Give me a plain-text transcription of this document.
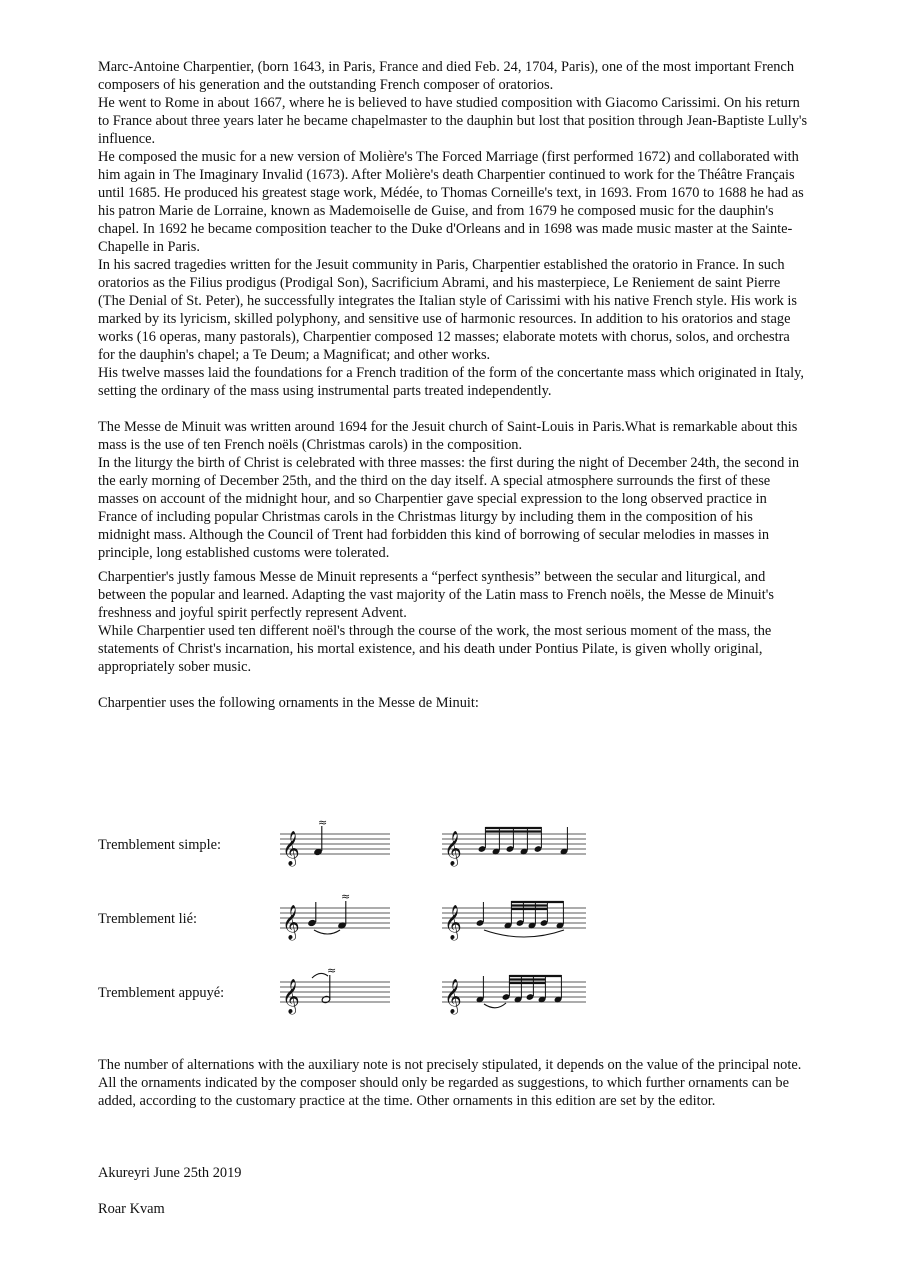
Marc-Antoine Charpentier, (born 1643, in Paris, France and died Feb. 24, 1704, Paris), one of the most important French composers of his generation and the outstanding French composer of oratorios.

He went to Rome in about 1667, where he is believed to have studied composition with Giacomo Carissimi. On his return to France about three years later he became chapelmaster to the dauphin but lost that position through Jean-Baptiste Lully's influence.

He composed the music for a new version of Molière's The Forced Marriage (first performed 1672) and collaborated with him again in The Imaginary Invalid (1673). After Molière's death Charpentier continued to work for the Théâtre Français until 1685. He produced his greatest stage work, Médée, to Thomas Corneille's text, in 1693. From 1670 to 1688 he had as his patron Marie de Lorraine, known as Mademoiselle de Guise, and from 1679 he composed music for the dauphin's chapel. In 1692 he became composition teacher to the Duke d'Orleans and in 1698 was made music master at the Sainte-Chapelle in Paris.

In his sacred tragedies written for the Jesuit community in Paris, Charpentier established the oratorio in France. In such oratorios as the Filius prodigus (Prodigal Son), Sacrificium Abrami, and his masterpiece, Le Reniement de saint Pierre (The Denial of St. Peter), he successfully integrates the Italian style of Carissimi with his native French style. His work is marked by its lyricism, skilled polyphony, and sensitive use of harmonic resources. In addition to his oratorios and stage works (16 operas, many pastorals), Charpentier composed 12 masses; elaborate motets with chorus, solos, and orchestra for the dauphin's chapel; a Te Deum; a Magnificat; and other works.

His twelve masses laid the foundations for a French tradition of the form of the concertante mass which originated in Italy, setting the ordinary of the mass using instrumental parts treated independently.

The Messe de Minuit was written around 1694 for the Jesuit church of Saint-Louis in Paris.What is remarkable about this mass is the use of ten French noëls (Christmas carols) in the composition.

In the liturgy the birth of Christ is celebrated with three masses: the first during the night of December 24th, the second in the early morning of December 25th, and the third on the day itself. A special atmosphere surrounds the first of these masses on account of the midnight hour, and so Charpentier gave special expression to the long observed practice in France of including popular Christmas carols in the Christmas liturgy by including them in the composition of his midnight mass. Although the Council of Trent had forbidden this kind of borrowing of secular melodies in masses in principle, long established customs were tolerated.

Charpentier's justly famous Messe de Minuit represents a “perfect synthesis” between the secular and liturgical, and between the popular and learned. Adapting the vast majority of the Latin mass to French noëls, the Messe de Minuit's freshness and joyful spirit perfectly represent Advent.

While Charpentier used ten different noël's through the course of the work, the most serious moment of the mass, the statements of Christ's incarnation, his mortal existence, and his death under Pontius Pilate, is given wholly original, appropriately sober music.

Charpentier uses the following ornaments in the Messe de Minuit:

Tremblement simple: 𝄞
≈
𝄞
Tremblement lié:	𝄞
≈
𝄞
Tremblement appuyé: 𝄞
≈
𝄞

The number of alternations with the auxiliary note is not precisely stipulated, it depends on the value of the principal note. All the ornaments indicated by the composer should only be regarded as suggestions, to which further ornaments can be added, according to the customary practice at the time. Other ornaments in this edition are set by the editor.

Akureyri June 25th 2019
Roar Kvam
